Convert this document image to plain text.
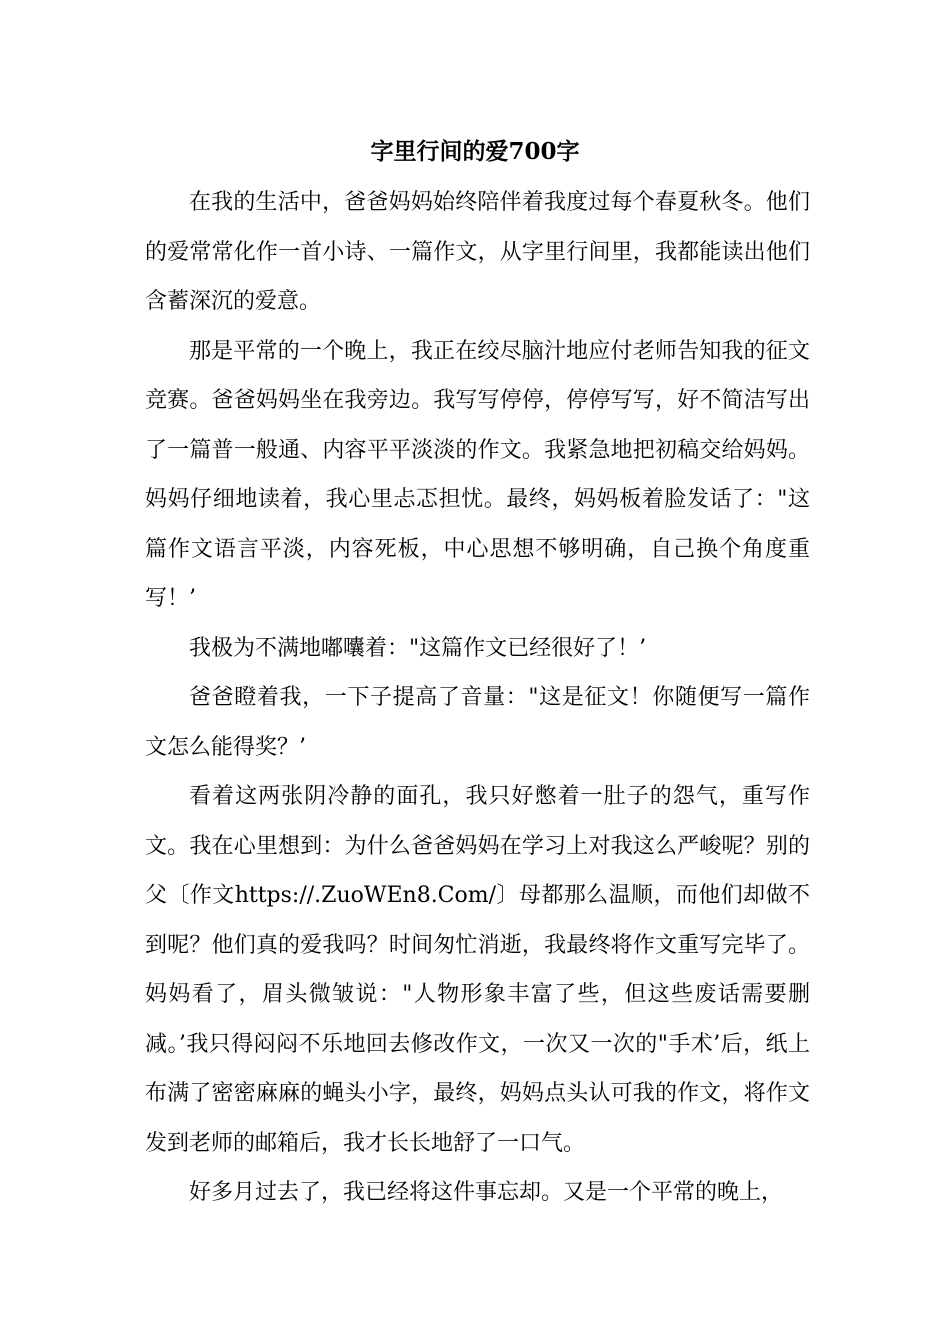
字里行间的爱700字

在我的生活中，爸爸妈妈始终陪伴着我度过每个春夏秋冬。他们的爱常常化作一首小诗、一篇作文，从字里行间里，我都能读出他们含蓄深沉的爱意。

那是平常的一个晚上，我正在绞尽脑汁地应付老师告知我的征文竞赛。爸爸妈妈坐在我旁边。我写写停停，停停写写，好不简洁写出了一篇普一般通、内容平平淡淡的作文。我紧急地把初稿交给妈妈。妈妈仔细地读着，我心里忐忑担忧。最终，妈妈板着脸发话了："这篇作文语言平淡，内容死板，中心思想不够明确，自己换个角度重写！’

我极为不满地嘟囔着："这篇作文已经很好了！’

爸爸瞪着我，一下子提高了音量："这是征文！你随便写一篇作文怎么能得奖？’

看着这两张阴冷静的面孔，我只好憋着一肚子的怨气，重写作文。我在心里想到：为什么爸爸妈妈在学习上对我这么严峻呢？别的父〔作文https://.ZuoWEn8.Com/〕母都那么温顺，而他们却做不到呢？他们真的爱我吗？时间匆忙消逝，我最终将作文重写完毕了。妈妈看了，眉头微皱说："人物形象丰富了些，但这些废话需要删减。’我只得闷闷不乐地回去修改作文，一次又一次的"手术’后，纸上布满了密密麻麻的蝇头小字，最终，妈妈点头认可我的作文，将作文发到老师的邮箱后，我才长长地舒了一口气。

好多月过去了，我已经将这件事忘却。又是一个平常的晚上，
